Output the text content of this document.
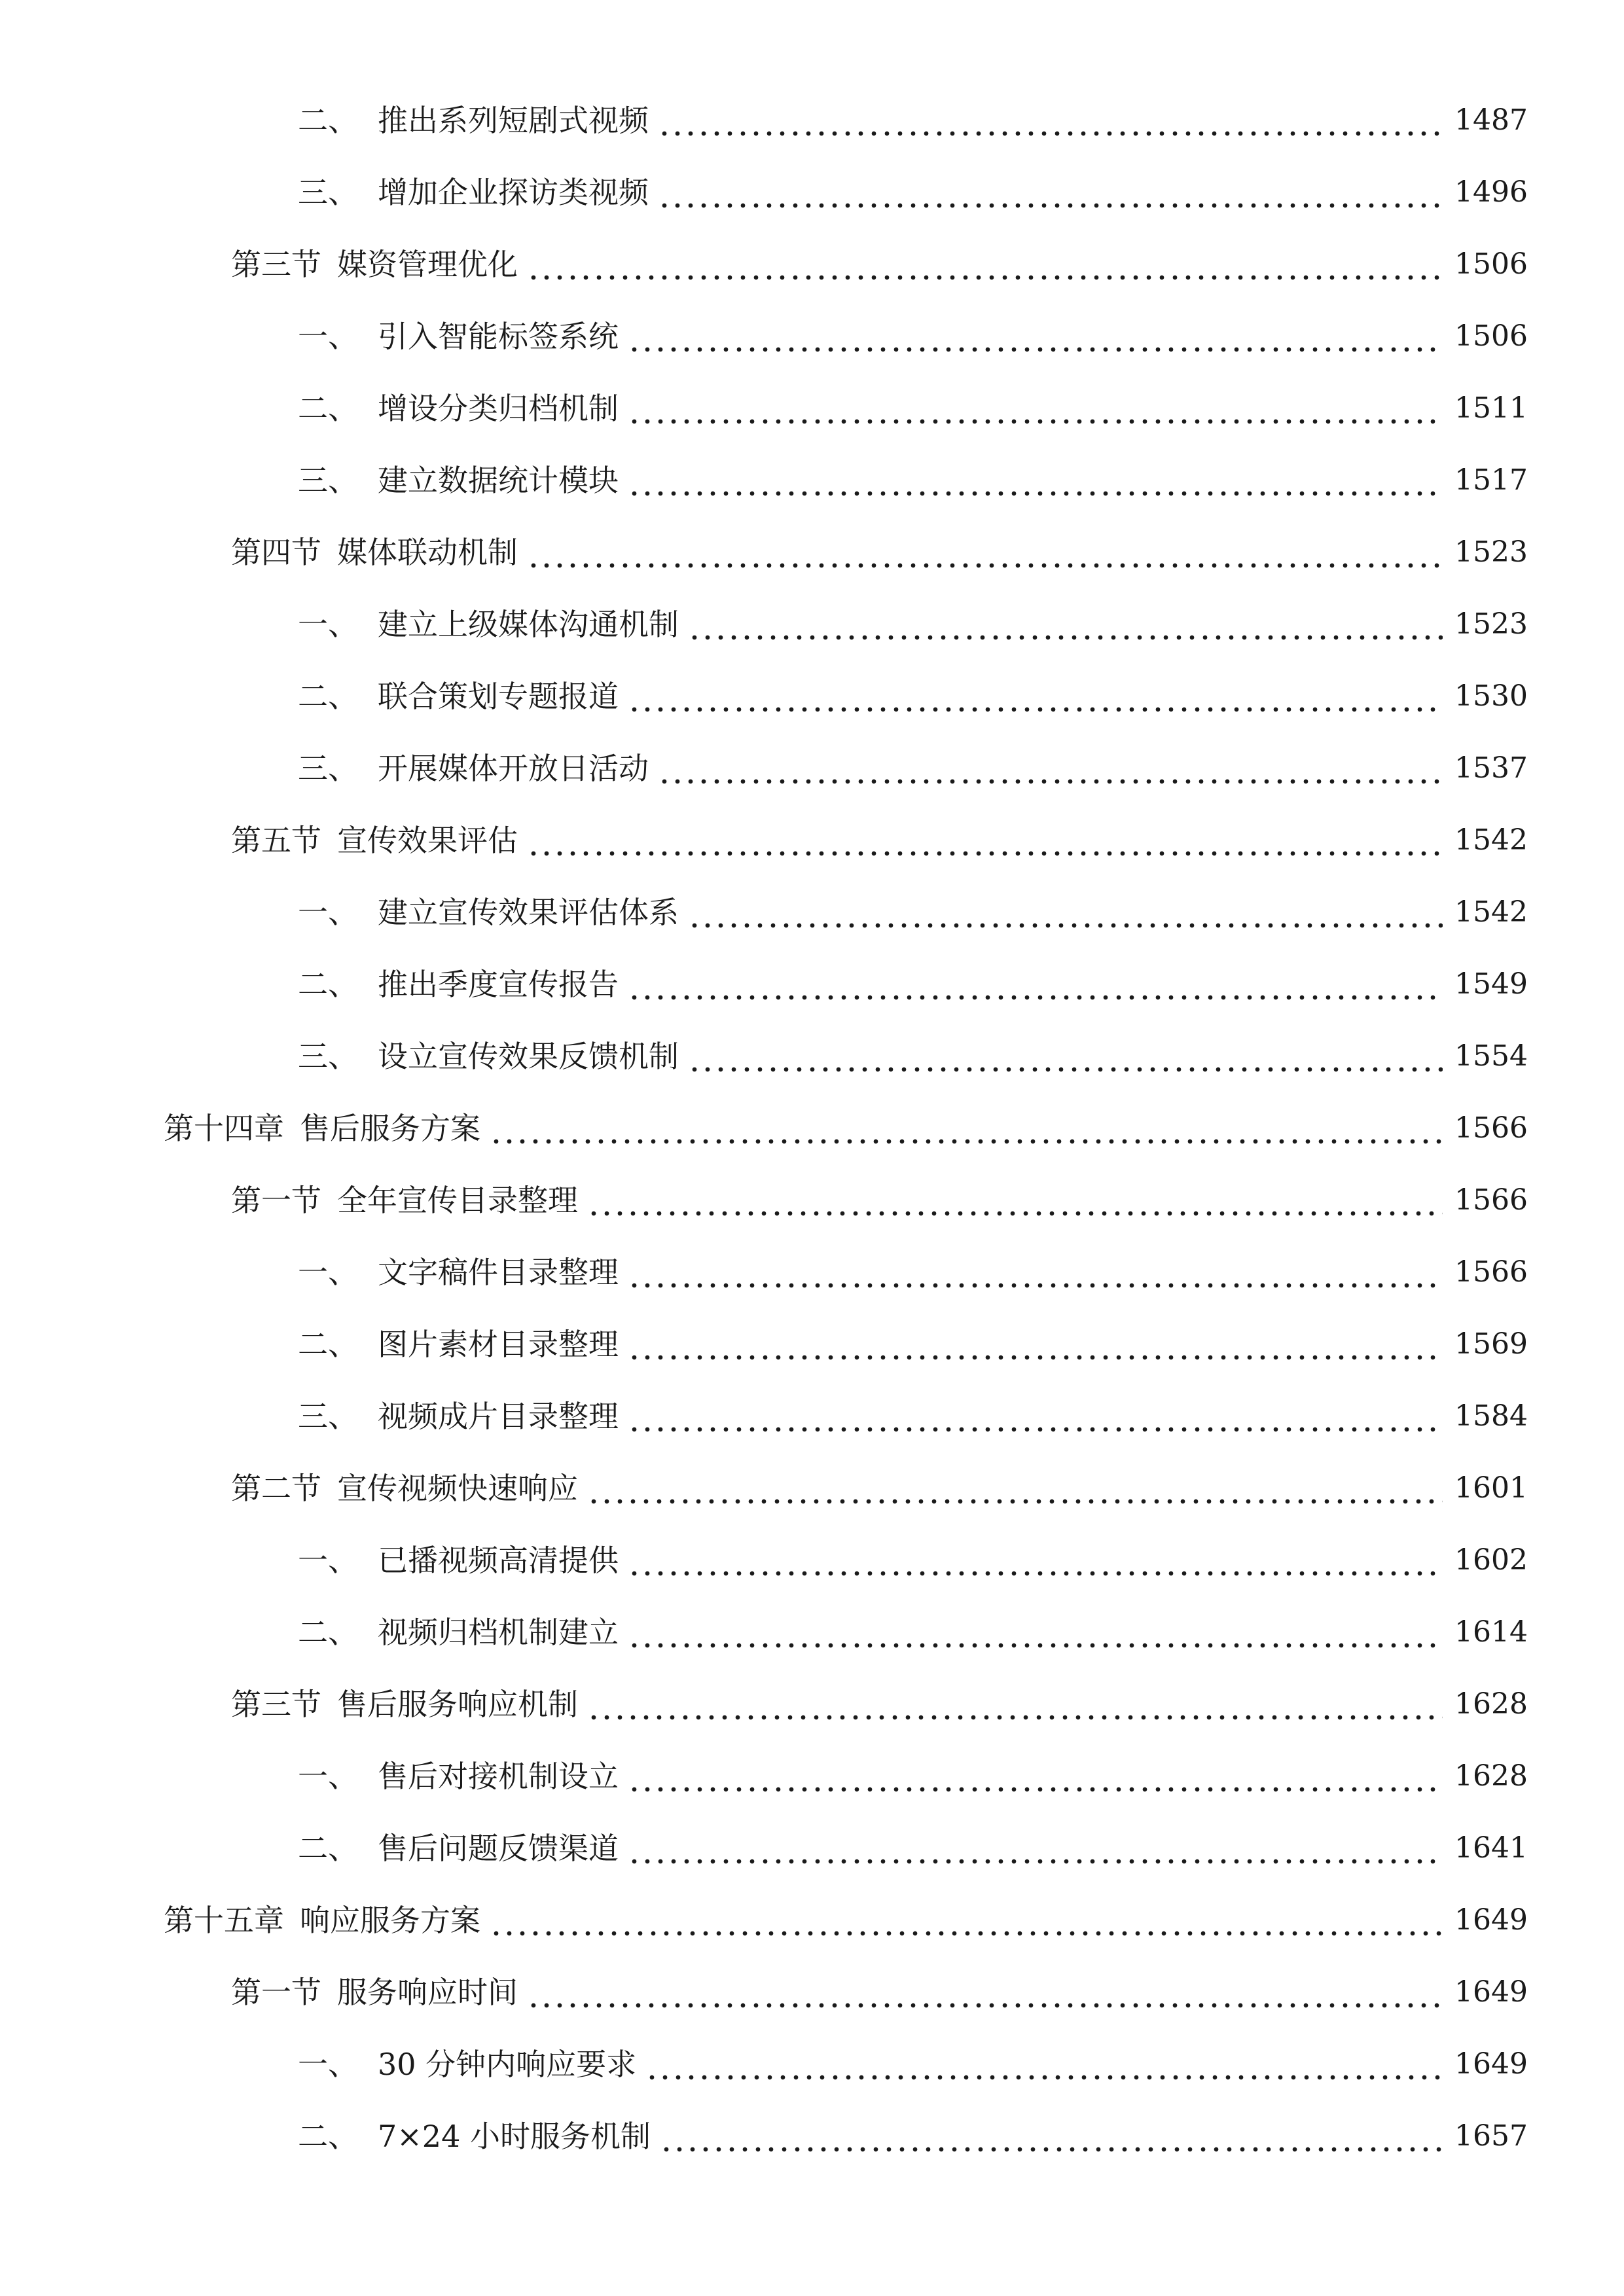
二、 推出系列短剧式视频	1487
三、 增加企业探访类视频	1496
第三节 媒资管理优化	1506
一、 引入智能标签系统	1506
二、 增设分类归档机制	1511
三、 建立数据统计模块	1517
第四节 媒体联动机制	1523
一、 建立上级媒体沟通机制	1523
二、 联合策划专题报道	1530
三、 开展媒体开放日活动	1537
第五节 宣传效果评估	1542
一、 建立宣传效果评估体系	1542
二、 推出季度宣传报告	1549
三、 设立宣传效果反馈机制	1554
第十四章 售后服务方案	1566
第一节 全年宣传目录整理	1566
一、 文字稿件目录整理	1566
二、 图片素材目录整理	1569
三、 视频成片目录整理	1584
第二节 宣传视频快速响应	1601
一、 已播视频高清提供	1602
二、 视频归档机制建立	1614
第三节 售后服务响应机制	1628
一、 售后对接机制设立	1628
二、 售后问题反馈渠道	1641
第十五章 响应服务方案	1649
第一节 服务响应时间	1649
一、 30 分钟内响应要求	1649
二、 7×24 小时服务机制	1657
